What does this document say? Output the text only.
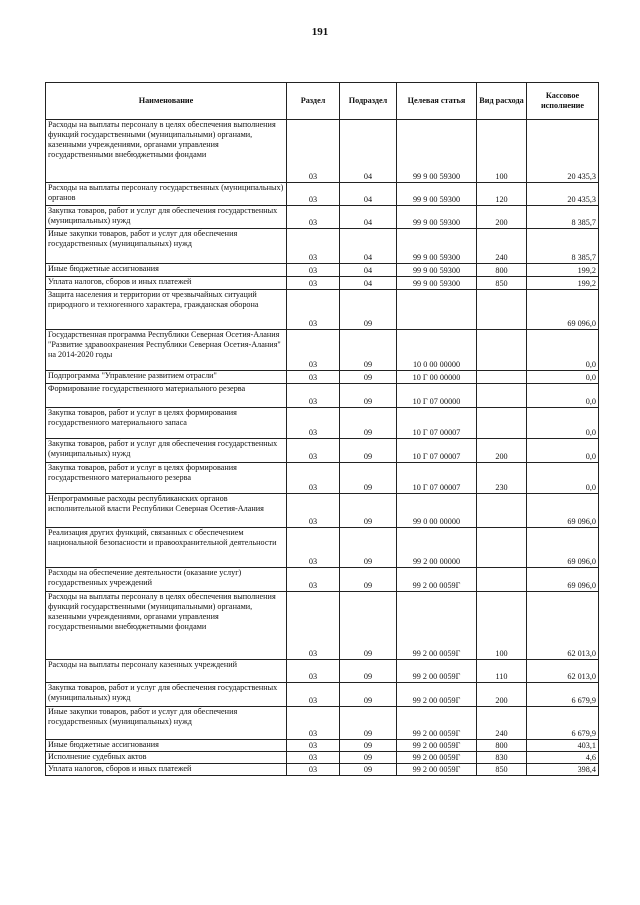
191
Наименование	Раздел	Подраздел	Целевая статья	Вид расхода	Кассовое исполнение
Расходы на выплаты персоналу в целях обеспечения выполнения функций государственными (муниципальными) органами, казенными учреждениями, органами управления государственными внебюджетными фондами	03	04	99 9 00 59300	100	20 435,3
Расходы на выплаты персоналу государственных (муниципальных) органов	03	04	99 9 00 59300	120	20 435,3
Закупка товаров, работ и услуг для обеспечения государственных (муниципальных) нужд	03	04	99 9 00 59300	200	8 385,7
Иные закупки товаров, работ и услуг для обеспечения государственных (муниципальных) нужд	03	04	99 9 00 59300	240	8 385,7
Иные бюджетные ассигнования	03	04	99 9 00 59300	800	199,2
Уплата налогов, сборов и иных платежей	03	04	99 9 00 59300	850	199,2
Защита населения и территории от чрезвычайных ситуаций природного и техногенного характера, гражданская оборона	03	09			69 096,0
Государственная программа Республики Северная Осетия-Алания "Развитие здравоохранения Республики Северная Осетия-Алания" на 2014-2020 годы	03	09	10 0 00 00000		0,0
Подпрограмма "Управление развитием отрасли"	03	09	10 Г 00 00000		0,0
Формирование государственного материального резерва	03	09	10 Г 07 00000		0,0
Закупка товаров, работ и услуг в целях формирования государственного материального запаса	03	09	10 Г 07 00007		0,0
Закупка товаров, работ и услуг для обеспечения государственных (муниципальных) нужд	03	09	10 Г 07 00007	200	0,0
Закупка товаров, работ и услуг в целях формирования государственного материального резерва	03	09	10 Г 07 00007	230	0,0
Непрограммные расходы республиканских органов исполнительной власти Республики Северная Осетия-Алания	03	09	99 0 00 00000		69 096,0
Реализация других функций, связанных с обеспечением национальной безопасности и правоохранительной деятельности	03	09	99 2 00 00000		69 096,0
Расходы на обеспечение деятельности (оказание услуг) государственных учреждений	03	09	99 2 00 0059Г		69 096,0
Расходы на выплаты персоналу в целях обеспечения выполнения функций государственными (муниципальными) органами, казенными учреждениями, органами управления государственными внебюджетными фондами	03	09	99 2 00 0059Г	100	62 013,0
Расходы на выплаты персоналу казенных учреждений	03	09	99 2 00 0059Г	110	62 013,0
Закупка товаров, работ и услуг для обеспечения государственных (муниципальных) нужд	03	09	99 2 00 0059Г	200	6 679,9
Иные закупки товаров, работ и услуг для обеспечения государственных (муниципальных) нужд	03	09	99 2 00 0059Г	240	6 679,9
Иные бюджетные ассигнования	03	09	99 2 00 0059Г	800	403,1
Исполнение судебных актов	03	09	99 2 00 0059Г	830	4,6
Уплата налогов, сборов и иных платежей	03	09	99 2 00 0059Г	850	398,4
